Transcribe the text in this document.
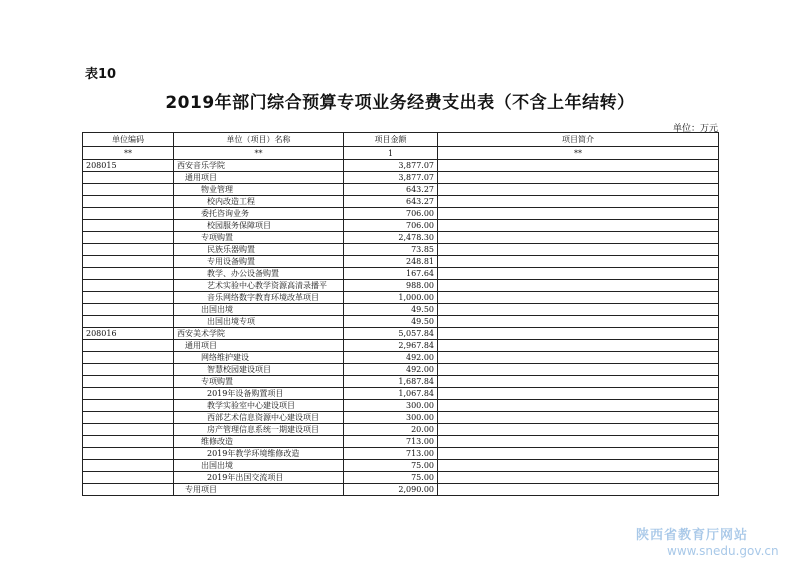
表10
2019年部门综合预算专项业务经费支出表（不含上年结转）
单位：万元
单位编码	单位（项目）名称	项目金额	项目简介
**	**	1	**
208015	西安音乐学院	3,877.07	
	通用项目	3,877.07	
	物业管理	643.27	
	校内改造工程	643.27	
	委托咨询业务	706.00	
	校园服务保障项目	706.00	
	专项购置	2,478.30	
	民族乐器购置	73.85	
	专用设备购置	248.81	
	教学、办公设备购置	167.64	
	艺术实验中心教学资源高清录播平	988.00	
	音乐网络数字教育环境改革项目	1,000.00	
	出国出境	49.50	
	出国出境专项	49.50	
208016	西安美术学院	5,057.84	
	通用项目	2,967.84	
	网络维护建设	492.00	
	智慧校园建设项目	492.00	
	专项购置	1,687.84	
	2019年设备购置项目	1,067.84	
	教学实验室中心建设项目	300.00	
	西部艺术信息资源中心建设项目	300.00	
	房产管理信息系统一期建设项目	20.00	
	维修改造	713.00	
	2019年教学环境维修改造	713.00	
	出国出境	75.00	
	2019年出国交流项目	75.00	
	专用项目	2,090.00	
陕西省教育厅网站
www.snedu.gov.cn
